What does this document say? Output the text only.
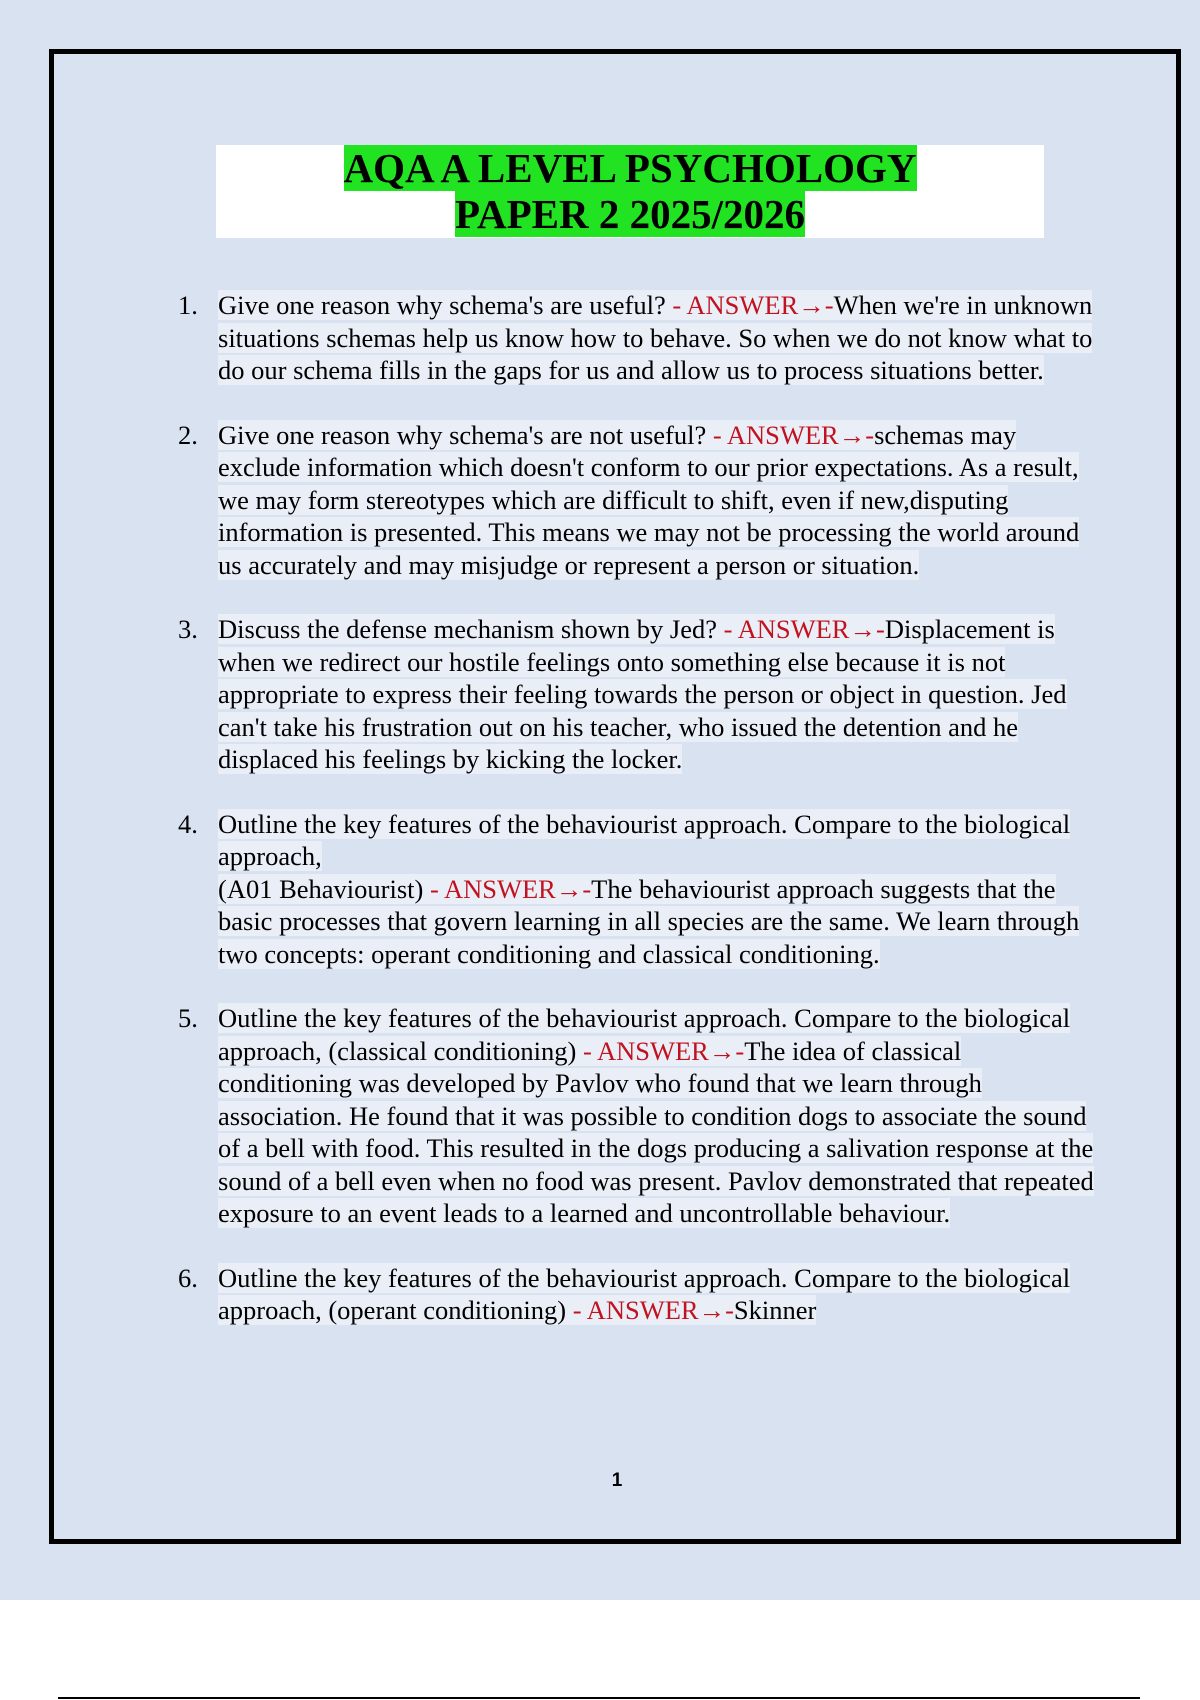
AQA A LEVEL PSYCHOLOGY
PAPER 2 2025/2026
1. Give one reason why schema's are useful? - ANSWER→-When we're in unknown situations schemas help us know how to behave. So when we do not know what to do our schema fills in the gaps for us and allow us to process situations better.
2. Give one reason why schema's are not useful? - ANSWER→-schemas may exclude information which doesn't conform to our prior expectations. As a result, we may form stereotypes which are difficult to shift, even if new,disputing information is presented. This means we may not be processing the world around us accurately and may misjudge or represent a person or situation.
3. Discuss the defense mechanism shown by Jed? - ANSWER→-Displacement is when we redirect our hostile feelings onto something else because it is not appropriate to express their feeling towards the person or object in question. Jed can't take his frustration out on his teacher, who issued the detention and he displaced his feelings by kicking the locker.
4. Outline the key features of the behaviourist approach. Compare to the biological approach,
(A01 Behaviourist) - ANSWER→-The behaviourist approach suggests that the basic processes that govern learning in all species are the same. We learn through two concepts: operant conditioning and classical conditioning.
5. Outline the key features of the behaviourist approach. Compare to the biological approach, (classical conditioning) - ANSWER→-The idea of classical conditioning was developed by Pavlov who found that we learn through association. He found that it was possible to condition dogs to associate the sound of a bell with food. This resulted in the dogs producing a salivation response at the sound of a bell even when no food was present. Pavlov demonstrated that repeated exposure to an event leads to a learned and uncontrollable behaviour.
6. Outline the key features of the behaviourist approach. Compare to the biological approach, (operant conditioning) - ANSWER→-Skinner
1
